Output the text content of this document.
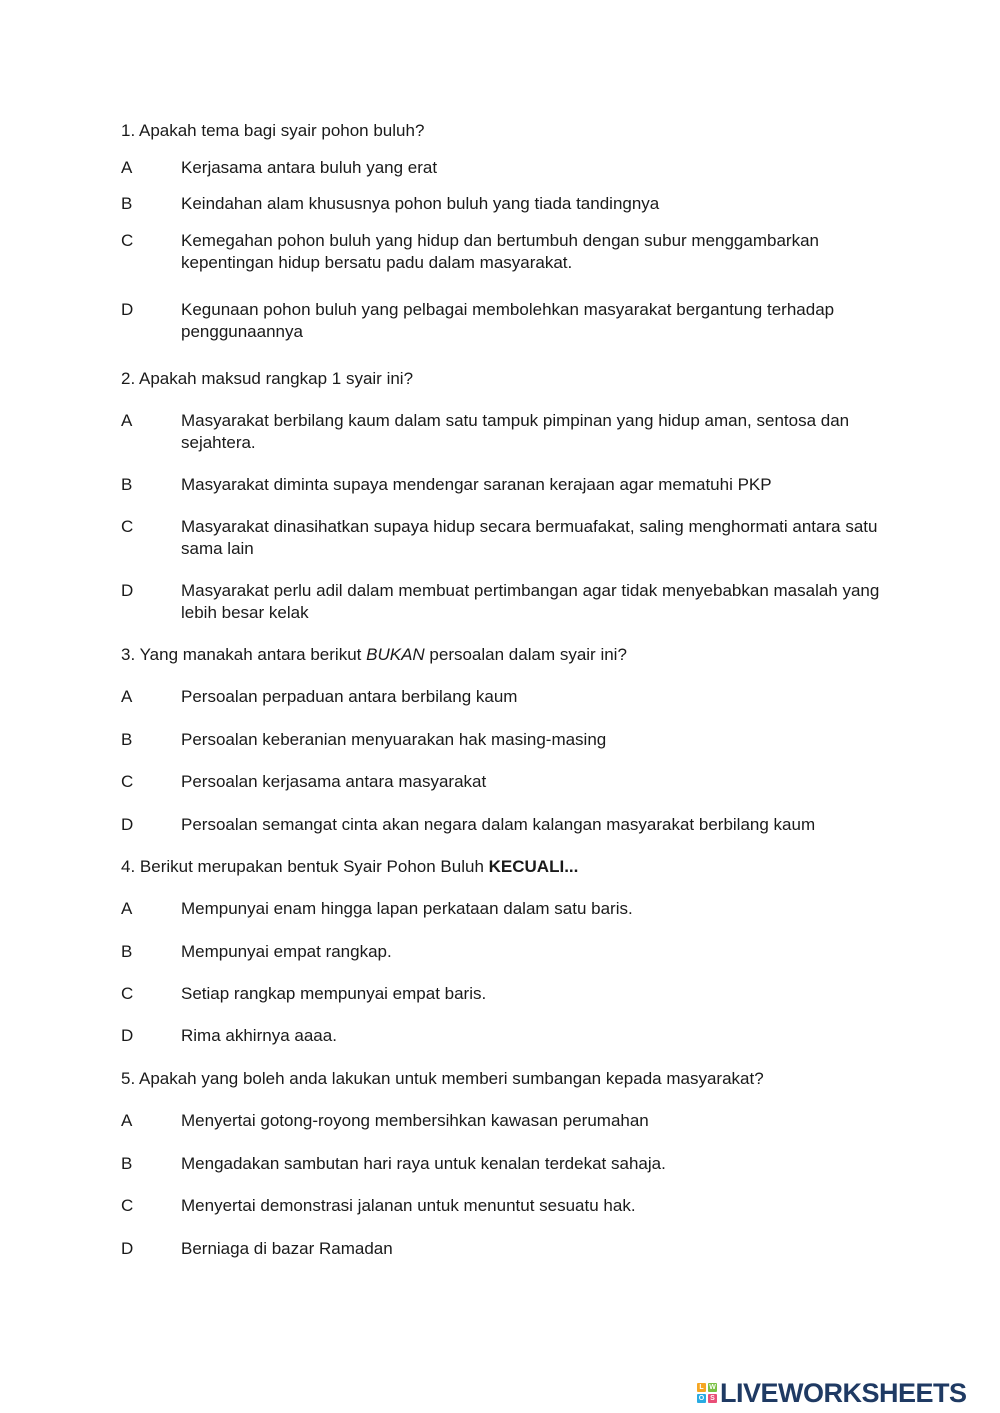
1. Apakah tema bagi syair pohon buluh?
A	Kerjasama antara buluh yang erat
B	Keindahan alam khususnya pohon buluh yang tiada tandingnya
C	Kemegahan pohon buluh yang hidup dan bertumbuh dengan subur menggambarkan kepentingan hidup bersatu padu dalam masyarakat.
D	Kegunaan pohon buluh yang pelbagai membolehkan masyarakat bergantung terhadap penggunaannya
2. Apakah maksud rangkap 1 syair ini?
A	Masyarakat berbilang kaum dalam satu tampuk pimpinan yang hidup aman, sentosa dan sejahtera.
B	Masyarakat diminta supaya mendengar saranan kerajaan agar mematuhi PKP
C	Masyarakat dinasihatkan supaya hidup secara bermuafakat, saling menghormati antara satu sama lain
D	Masyarakat perlu adil dalam membuat pertimbangan agar tidak menyebabkan masalah yang lebih besar kelak
3. Yang manakah antara berikut BUKAN persoalan dalam syair ini?
A	Persoalan perpaduan antara berbilang kaum
B	Persoalan keberanian menyuarakan hak masing-masing
C	Persoalan kerjasama antara masyarakat
D	Persoalan semangat cinta akan negara dalam kalangan masyarakat berbilang kaum
4. Berikut merupakan bentuk Syair Pohon Buluh KECUALI...
A	Mempunyai enam hingga lapan perkataan dalam satu baris.
B	Mempunyai empat rangkap.
C	Setiap rangkap mempunyai empat baris.
D	Rima akhirnya aaaa.
5. Apakah yang boleh anda lakukan untuk memberi sumbangan kepada masyarakat?
A	Menyertai gotong-royong membersihkan kawasan perumahan
B	Mengadakan sambutan hari raya untuk kenalan terdekat sahaja.
C	Menyertai demonstrasi jalanan untuk menuntut sesuatu hak.
D	Berniaga di bazar Ramadan
L W
O S LIVEWORKSHEETS
